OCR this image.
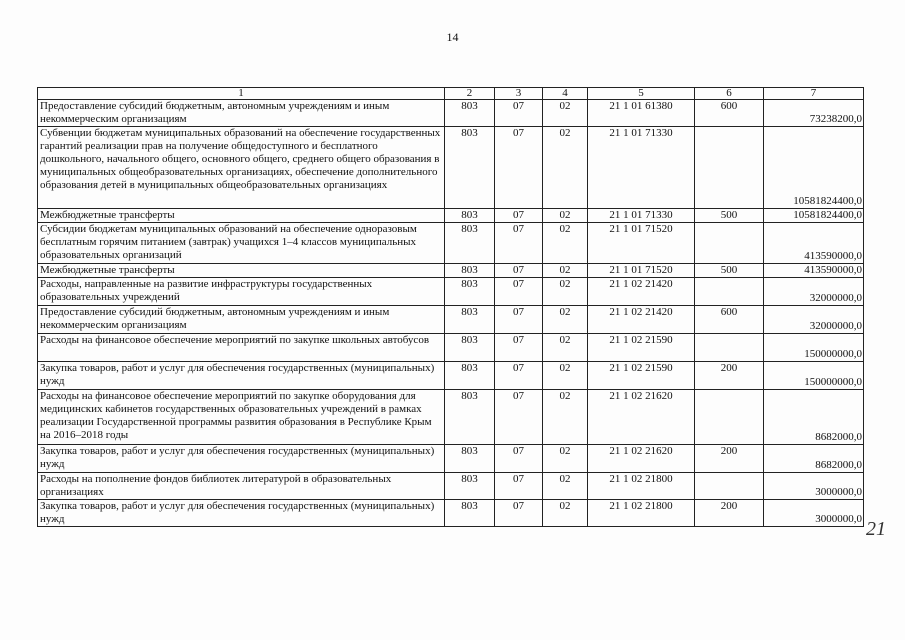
14
1	2	3	4	5	6	7
Предоставление субсидий бюджетным, автономным учреждениям и иным некоммерческим организациям	803	07	02	21 1 01 61380	600	73238200,0
Субвенции бюджетам муниципальных образований на обеспечение государственных гарантий реализации прав на получение общедоступного и бесплатного дошкольного, начального общего, основного общего, среднего общего образования в муниципальных общеобразовательных организациях, обеспечение дополнительного образования детей в муниципальных общеобразовательных организациях	803	07	02	21 1 01 71330		10581824400,0
Межбюджетные трансферты	803	07	02	21 1 01 71330	500	10581824400,0
Субсидии бюджетам муниципальных образований на обеспечение одноразовым бесплатным горячим питанием (завтрак) учащихся 1–4 классов муниципальных образовательных организаций	803	07	02	21 1 01 71520		413590000,0
Межбюджетные трансферты	803	07	02	21 1 01 71520	500	413590000,0
Расходы, направленные на развитие инфраструктуры государственных образовательных учреждений	803	07	02	21 1 02 21420		32000000,0
Предоставление субсидий бюджетным, автономным учреждениям и иным некоммерческим организациям	803	07	02	21 1 02 21420	600	32000000,0
Расходы на финансовое обеспечение мероприятий по закупке школьных автобусов	803	07	02	21 1 02 21590		150000000,0
Закупка товаров, работ и услуг для обеспечения государственных (муниципальных) нужд	803	07	02	21 1 02 21590	200	150000000,0
Расходы на финансовое обеспечение мероприятий по закупке оборудования для медицинских кабинетов государственных образовательных учреждений в рамках реализации Государственной программы развития образования в Республике Крым на 2016–2018 годы	803	07	02	21 1 02 21620		8682000,0
Закупка товаров, работ и услуг для обеспечения государственных (муниципальных) нужд	803	07	02	21 1 02 21620	200	8682000,0
Расходы на пополнение фондов библиотек литературой в образовательных организациях	803	07	02	21 1 02 21800		3000000,0
Закупка товаров, работ и услуг для обеспечения государственных (муниципальных) нужд	803	07	02	21 1 02 21800	200	3000000,0 21
